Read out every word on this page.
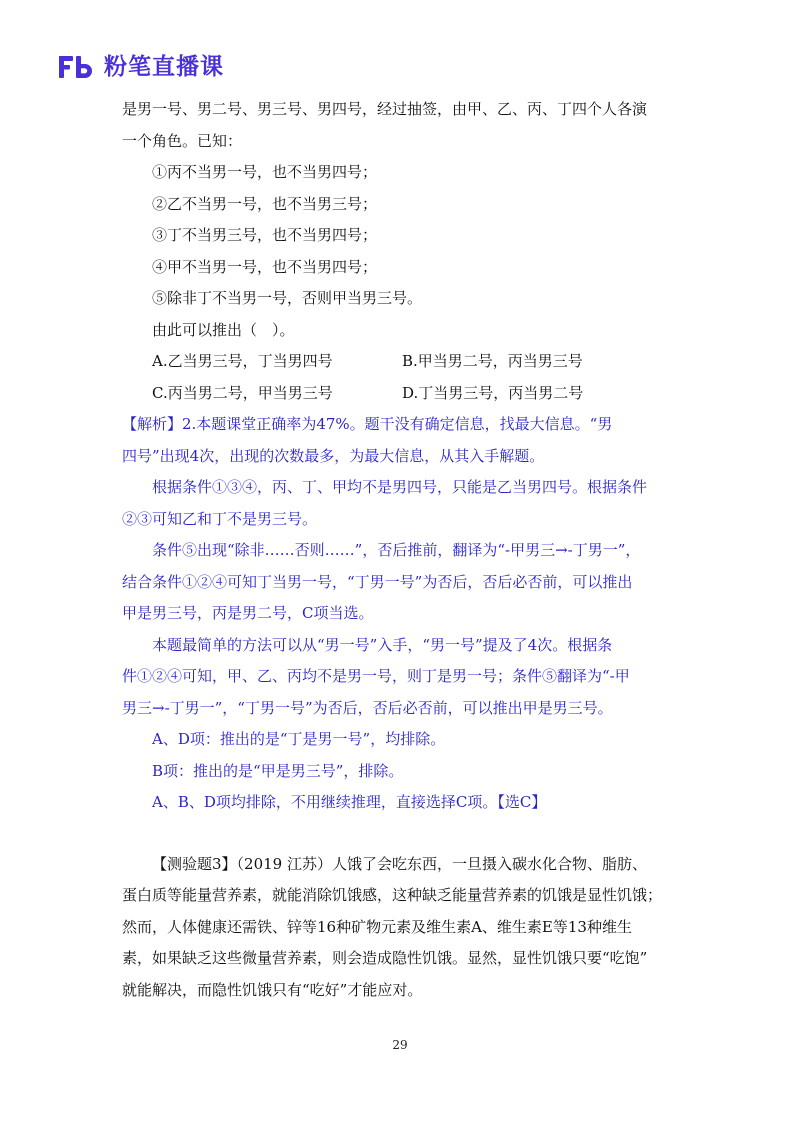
粉笔直播课
是男一号、男二号、男三号、男四号，经过抽签，由甲、乙、丙、丁四个人各演
一个角色。已知：
①丙不当男一号，也不当男四号；
②乙不当男一号，也不当男三号；
③丁不当男三号，也不当男四号；
④甲不当男一号，也不当男四号；
⑤除非丁不当男一号，否则甲当男三号。
由此可以推出（　）。
A.乙当男三号，丁当男四号	B.甲当男二号，丙当男三号
C.丙当男二号，甲当男三号	D.丁当男三号，丙当男二号
【解析】2.本题课堂正确率为47%。题干没有确定信息，找最大信息。“男
四号”出现4次，出现的次数最多，为最大信息，从其入手解题。
根据条件①③④，丙、丁、甲均不是男四号，只能是乙当男四号。根据条件
②③可知乙和丁不是男三号。
条件⑤出现“除非……否则……”，否后推前，翻译为“-甲男三→-丁男一”，
结合条件①②④可知丁当男一号，“丁男一号”为否后，否后必否前，可以推出
甲是男三号，丙是男二号，C项当选。
本题最简单的方法可以从“男一号”入手，“男一号”提及了4次。根据条
件①②④可知，甲、乙、丙均不是男一号，则丁是男一号；条件⑤翻译为“-甲
男三→-丁男一”，“丁男一号”为否后，否后必否前，可以推出甲是男三号。
A、D项：推出的是“丁是男一号”，均排除。
B项：推出的是“甲是男三号”，排除。
A、B、D项均排除，不用继续推理，直接选择C项。【选C】
【测验题3】（2019 江苏）人饿了会吃东西，一旦摄入碳水化合物、脂肪、
蛋白质等能量营养素，就能消除饥饿感，这种缺乏能量营养素的饥饿是显性饥饿；
然而，人体健康还需铁、锌等16种矿物元素及维生素A、维生素E等13种维生
素，如果缺乏这些微量营养素，则会造成隐性饥饿。显然，显性饥饿只要“吃饱”
就能解决，而隐性饥饿只有“吃好”才能应对。
29
